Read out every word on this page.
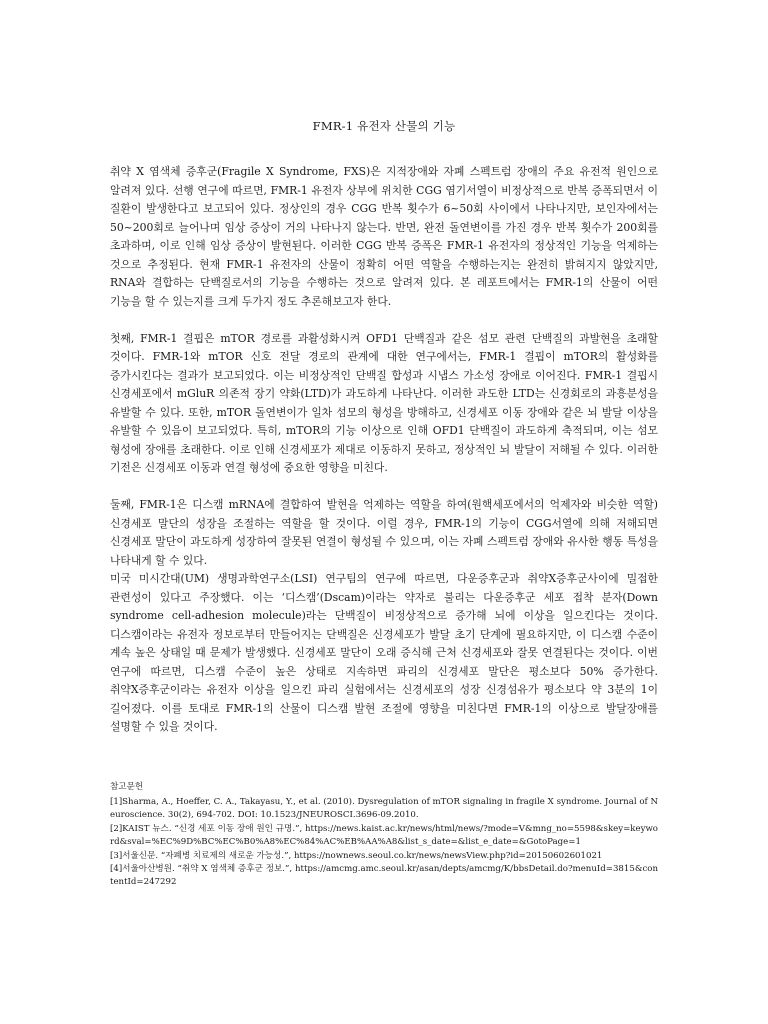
FMR-1 유전자 산물의 기능

취약 X 염색체 증후군(Fragile X Syndrome, FXS)은 지적장애와 자폐 스펙트럼 장애의 주요 유전적 원인으로 알려져 있다. 선행 연구에 따르면, FMR-1 유전자 상부에 위치한 CGG 염기서열이 비정상적으로 반복 증폭되면서 이 질환이 발생한다고 보고되어 있다. 정상인의 경우 CGG 반복 횟수가 6~50회 사이에서 나타나지만, 보인자에서는 50~200회로 늘어나며 임상 증상이 거의 나타나지 않는다. 반면, 완전 돌연변이를 가진 경우 반복 횟수가 200회를 초과하며, 이로 인해 임상 증상이 발현된다. 이러한 CGG 반복 증폭은 FMR-1 유전자의 정상적인 기능을 억제하는 것으로 추정된다. 현재 FMR-1 유전자의 산물이 정확히 어떤 역할을 수행하는지는 완전히 밝혀지지 않았지만, RNA와 결합하는 단백질로서의 기능을 수행하는 것으로 알려져 있다. 본 레포트에서는 FMR-1의 산물이 어떤 기능을 할 수 있는지를 크게 두가지 정도 추론해보고자 한다.

첫째, FMR-1 결핍은 mTOR 경로를 과활성화시켜 OFD1 단백질과 같은 섬모 관련 단백질의 과발현을 초래할 것이다. FMR-1와 mTOR 신호 전달 경로의 관계에 대한 연구에서는, FMR-1 결핍이 mTOR의 활성화를 증가시킨다는 결과가 보고되었다. 이는 비정상적인 단백질 합성과 시냅스 가소성 장애로 이어진다. FMR-1 결핍시 신경세포에서 mGluR 의존적 장기 약화(LTD)가 과도하게 나타난다. 이러한 과도한 LTD는 신경회로의 과흥분성을 유발할 수 있다. 또한, mTOR 돌연변이가 일차 섬모의 형성을 방해하고, 신경세포 이동 장애와 같은 뇌 발달 이상을 유발할 수 있음이 보고되었다. 특히, mTOR의 기능 이상으로 인해 OFD1 단백질이 과도하게 축적되며, 이는 섬모 형성에 장애를 초래한다. 이로 인해 신경세포가 제대로 이동하지 못하고, 정상적인 뇌 발달이 저해될 수 있다. 이러한 기전은 신경세포 이동과 연결 형성에 중요한 영향을 미친다.

둘째, FMR-1은 디스캠 mRNA에 결합하여 발현을 억제하는 역할을 하여(원핵세포에서의 억제자와 비슷한 역할) 신경세포 말단의 성장을 조절하는 역할을 할 것이다. 이럴 경우, FMR-1의 기능이 CGG서열에 의해 저해되면 신경세포 말단이 과도하게 성장하여 잘못된 연결이 형성될 수 있으며, 이는 자폐 스펙트럼 장애와 유사한 행동 특성을 나타내게 할 수 있다.

미국 미시간대(UM) 생명과학연구소(LSI) 연구팀의 연구에 따르면, 다운증후군과 취약X증후군사이에 밀접한 관련성이 있다고 주장했다. 이는 ‘디스캠’(Dscam)이라는 약자로 불리는 다운증후군 세포 접착 분자(Down syndrome cell-adhesion molecule)라는 단백질이 비정상적으로 증가해 뇌에 이상을 일으킨다는 것이다. 디스캠이라는 유전자 정보로부터 만들어지는 단백질은 신경세포가 발달 초기 단계에 필요하지만, 이 디스캠 수준이 계속 높은 상태일 때 문제가 발생했다. 신경세포 말단이 오래 증식해 근처 신경세포와 잘못 연결된다는 것이다. 이번 연구에 따르면, 디스캠 수준이 높은 상태로 지속하면 파리의 신경세포 말단은 평소보다 50% 증가한다. 취약X증후군이라는 유전자 이상을 일으킨 파리 실험에서는 신경세포의 성장 신경섬유가 평소보다 약 3분의 1이 길어졌다. 이를 토대로 FMR-1의 산물이 디스캠 발현 조절에 영향을 미친다면 FMR-1의 이상으로 발달장애를 설명할 수 있을 것이다.

참고문헌

[1]Sharma, A., Hoeffer, C. A., Takayasu, Y., et al. (2010). Dysregulation of mTOR signaling in fragile X syndrome. Journal of Neuroscience. 30(2), 694-702. DOI: 10.1523/JNEUROSCI.3696-09.2010.

[2]KAIST 뉴스. “신경 세포 이동 장애 원인 규명.”, https://news.kaist.ac.kr/news/html/news/?mode=V&mng_no=5598&skey=keyword&sval=%EC%9D%BC%EC%B0%A8%EC%84%AC%EB%AA%A8&list_s_date=&list_e_date=&GotoPage=1

[3]서울신문. “자폐병 치료제의 새로운 가능성.”, https://nownews.seoul.co.kr/news/newsView.php?id=20150602601021

[4]서울아산병원. “취약 X 염색체 증후군 정보.”, https://amcmg.amc.seoul.kr/asan/depts/amcmg/K/bbsDetail.do?menuId=3815&contentId=247292
